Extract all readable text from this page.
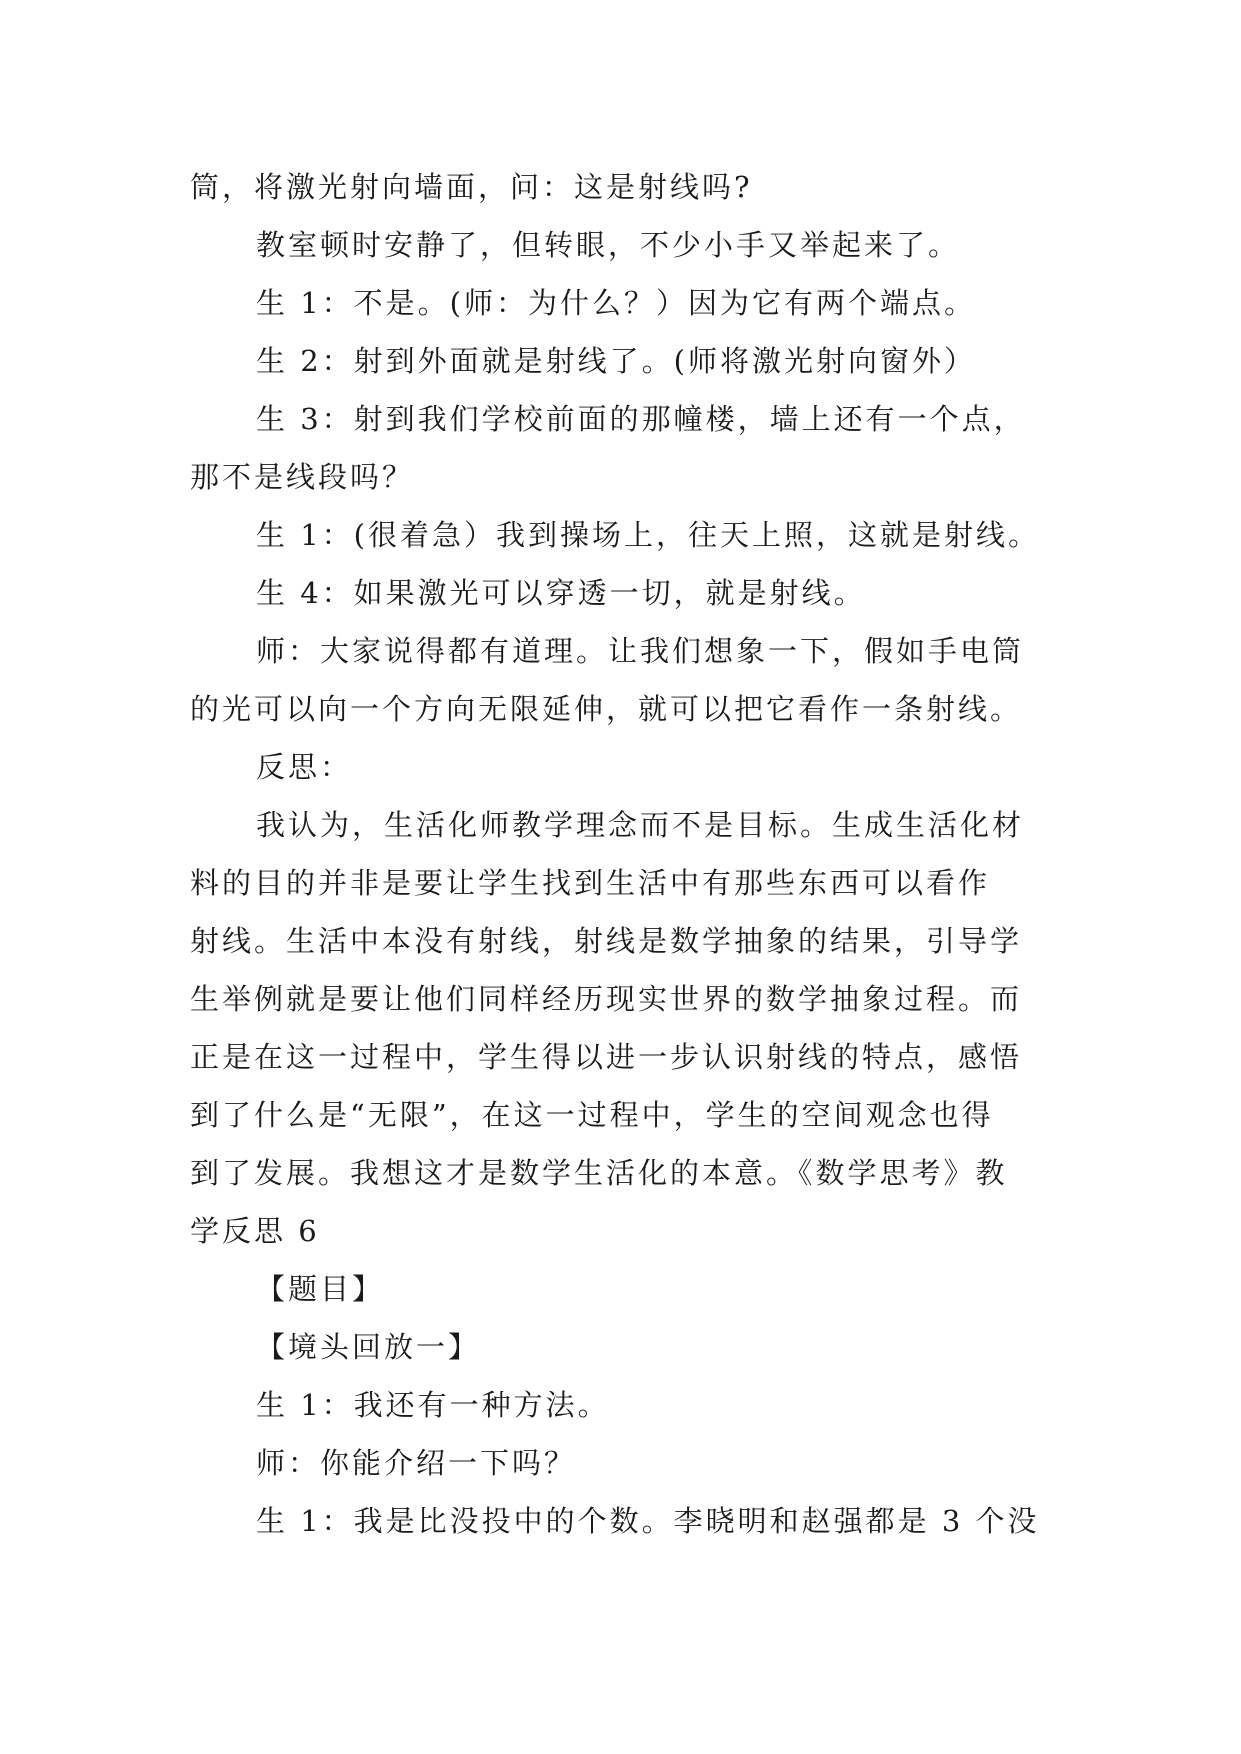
筒，将激光射向墙面，问：这是射线吗?
教室顿时安静了，但转眼，不少小手又举起来了。
生 1：不是。(师：为什么？）因为它有两个端点。
生 2：射到外面就是射线了。(师将激光射向窗外）
生 3：射到我们学校前面的那幢楼，墙上还有一个点，
那不是线段吗？
生 1：(很着急）我到操场上，往天上照，这就是射线。
生 4：如果激光可以穿透一切，就是射线。
师：大家说得都有道理。让我们想象一下，假如手电筒
的光可以向一个方向无限延伸，就可以把它看作一条射线。
反思：
我认为，生活化师教学理念而不是目标。生成生活化材
料的目的并非是要让学生找到生活中有那些东西可以看作
射线。生活中本没有射线，射线是数学抽象的结果，引导学
生举例就是要让他们同样经历现实世界的数学抽象过程。而
正是在这一过程中，学生得以进一步认识射线的特点，感悟
到了什么是“无限”，在这一过程中，学生的空间观念也得
到了发展。我想这才是数学生活化的本意。《数学思考》教
学反思 6
【题目】
【境头回放一】
生 1：我还有一种方法。
师：你能介绍一下吗？
生 1：我是比没投中的个数。李晓明和赵强都是 3 个没
